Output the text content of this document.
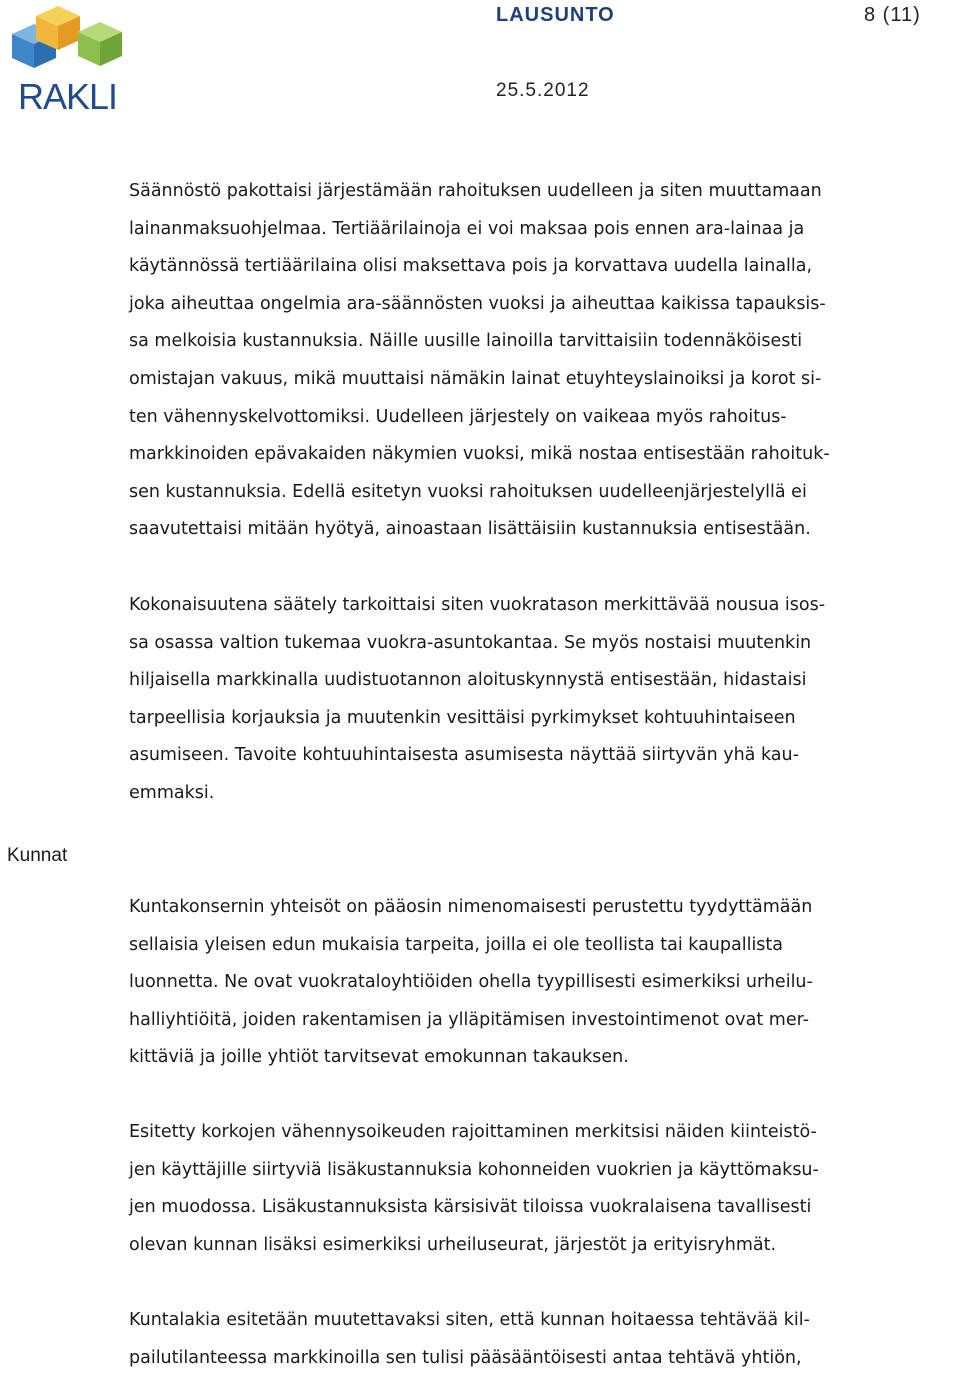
RAKLI
LAUSUNTO	8 (11)
25.5.2012
Kunnat

Säännöstö pakottaisi järjestämään rahoituksen uudelleen ja siten muuttamaan
lainanmaksuohjelmaa. Tertiäärilainoja ei voi maksaa pois ennen ara-lainaa ja
käytännössä tertiäärilaina olisi maksettava pois ja korvattava uudella lainalla,
joka aiheuttaa ongelmia ara-säännösten vuoksi ja aiheuttaa kaikissa tapauksis-
sa melkoisia kustannuksia. Näille uusille lainoilla tarvittaisiin todennäköisesti
omistajan vakuus, mikä muuttaisi nämäkin lainat etuyhteyslainoiksi ja korot si-
ten vähennyskelvottomiksi. Uudelleen järjestely on vaikeaa myös rahoitus-
markkinoiden epävakaiden näkymien vuoksi, mikä nostaa entisestään rahoituk-
sen kustannuksia. Edellä esitetyn vuoksi rahoituksen uudelleenjärjestelyllä ei
saavutettaisi mitään hyötyä, ainoastaan lisättäisiin kustannuksia entisestään.

Kokonaisuutena säätely tarkoittaisi siten vuokratason merkittävää nousua isos-
sa osassa valtion tukemaa vuokra-asuntokantaa. Se myös nostaisi muutenkin
hiljaisella markkinalla uudistuotannon aloituskynnystä entisestään, hidastaisi
tarpeellisia korjauksia ja muutenkin vesittäisi pyrkimykset kohtuuhintaiseen
asumiseen. Tavoite kohtuuhintaisesta asumisesta näyttää siirtyvän yhä kau-
emmaksi.

Kuntakonsernin yhteisöt on pääosin nimenomaisesti perustettu tyydyttämään
sellaisia yleisen edun mukaisia tarpeita, joilla ei ole teollista tai kaupallista
luonnetta. Ne ovat vuokrataloyhtiöiden ohella tyypillisesti esimerkiksi urheilu-
halliyhtiöitä, joiden rakentamisen ja ylläpitämisen investointimenot ovat mer-
kittäviä ja joille yhtiöt tarvitsevat emokunnan takauksen.

Esitetty korkojen vähennysoikeuden rajoittaminen merkitsisi näiden kiinteistö-
jen käyttäjille siirtyviä lisäkustannuksia kohonneiden vuokrien ja käyttömaksu-
jen muodossa. Lisäkustannuksista kärsisivät tiloissa vuokralaisena tavallisesti
olevan kunnan lisäksi esimerkiksi urheiluseurat, järjestöt ja erityisryhmät.

Kuntalakia esitetään muutettavaksi siten, että kunnan hoitaessa tehtävää kil-
pailutilanteessa markkinoilla sen tulisi pääsääntöisesti antaa tehtävä yhtiön,
